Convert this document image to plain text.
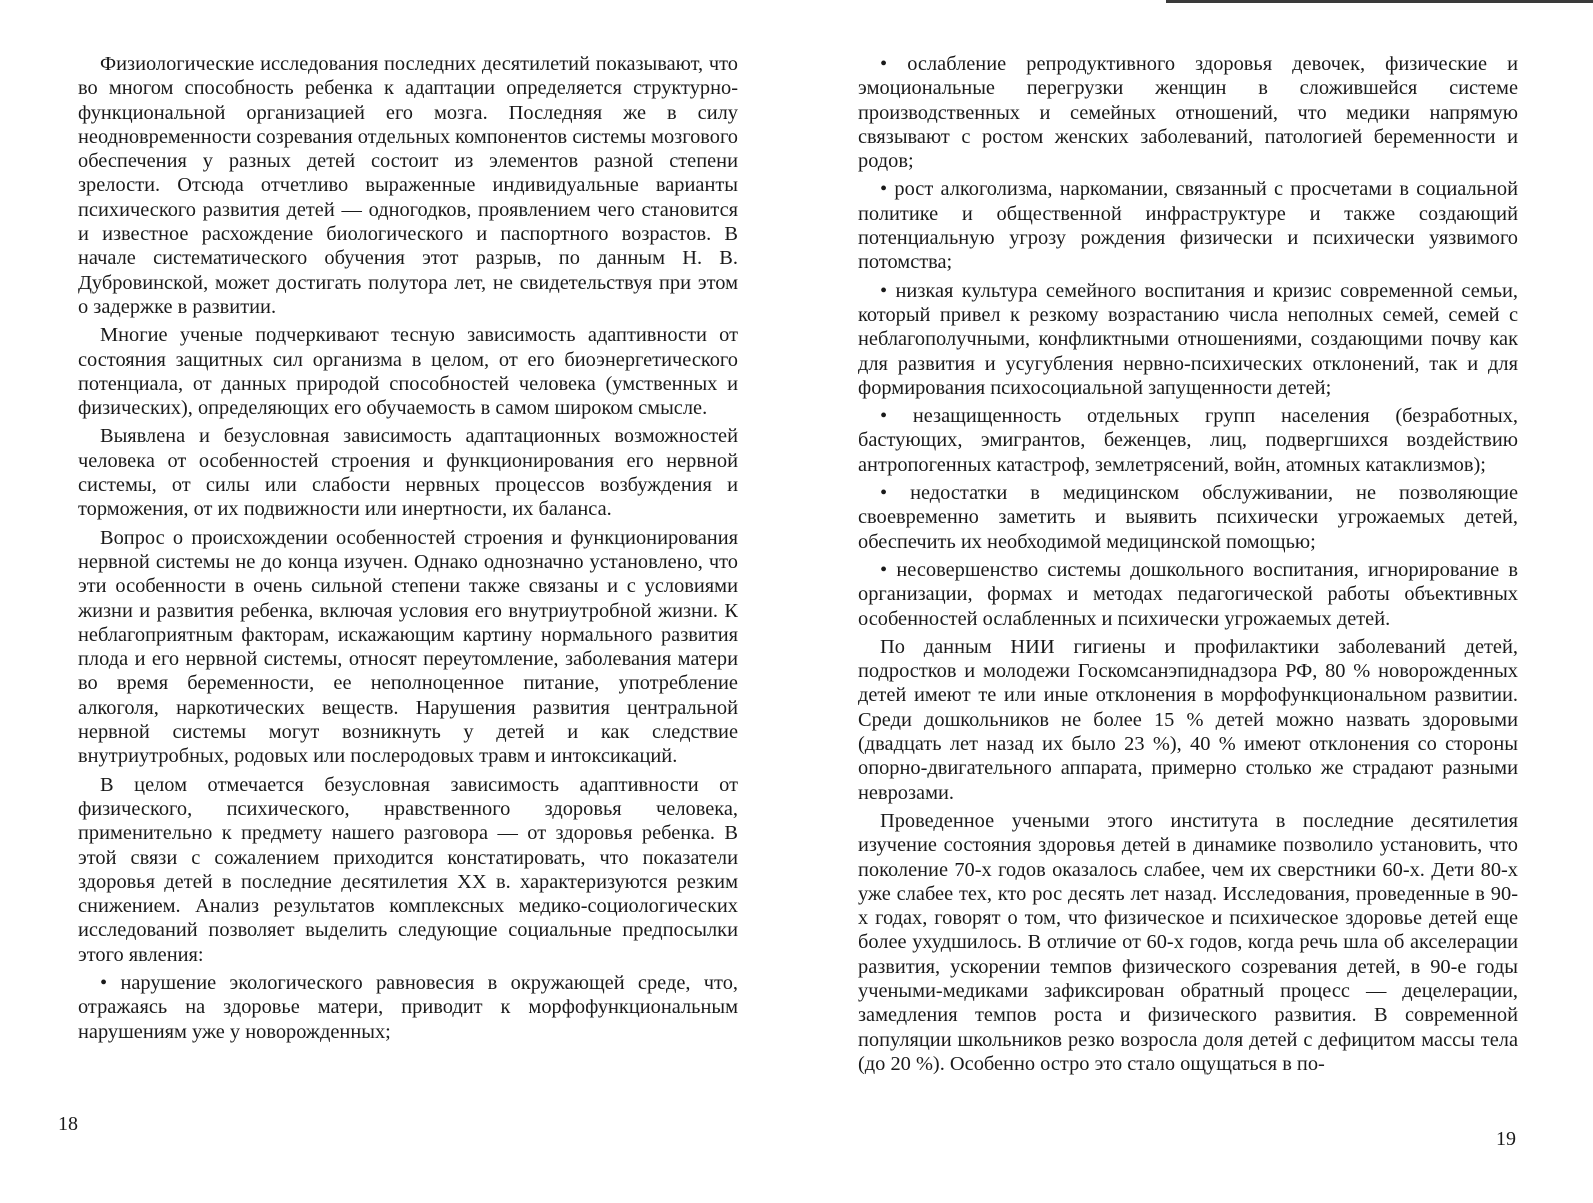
Физиологические исследования последних десятилетий показывают, что во многом способность ребенка к адаптации определяется структурно-функциональной организацией его мозга. Последняя же в силу неодновременности созревания отдельных компонентов системы мозгового обеспечения у разных детей состоит из элементов разной степени зрелости. Отсюда отчетливо выраженные индивидуальные варианты психического развития детей — одногодков, проявлением чего становится и известное расхождение биологического и паспортного возрастов. В начале систематического обучения этот разрыв, по данным Н. В. Дубровинской, может достигать полутора лет, не свидетельствуя при этом о задержке в развитии.

Многие ученые подчеркивают тесную зависимость адаптивности от состояния защитных сил организма в целом, от его биоэнергетического потенциала, от данных природой способностей человека (умственных и физических), определяющих его обучаемость в самом широком смысле.

Выявлена и безусловная зависимость адаптационных возможностей человека от особенностей строения и функционирования его нервной системы, от силы или слабости нервных процессов возбуждения и торможения, от их подвижности или инертности, их баланса.

Вопрос о происхождении особенностей строения и функционирования нервной системы не до конца изучен. Однако однозначно установлено, что эти особенности в очень сильной степени также связаны и с условиями жизни и развития ребенка, включая условия его внутриутробной жизни. К неблагоприятным факторам, искажающим картину нормального развития плода и его нервной системы, относят переутомление, заболевания матери во время беременности, ее неполноценное питание, употребление алкоголя, наркотических веществ. Нарушения развития центральной нервной системы могут возникнуть у детей и как следствие внутриутробных, родовых или послеродовых травм и интоксикаций.

В целом отмечается безусловная зависимость адаптивности от физического, психического, нравственного здоровья человека, применительно к предмету нашего разговора — от здоровья ребенка. В этой связи с сожалением приходится констатировать, что показатели здоровья детей в последние десятилетия XX в. характеризуются резким снижением. Анализ результатов комплексных медико-социологических исследований позволяет выделить следующие социальные предпосылки этого явления:

• нарушение экологического равновесия в окружающей среде, что, отражаясь на здоровье матери, приводит к морфофункциональным нарушениям уже у новорожденных;

18

• ослабление репродуктивного здоровья девочек, физические и эмоциональные перегрузки женщин в сложившейся системе производственных и семейных отношений, что медики напрямую связывают с ростом женских заболеваний, патологией беременности и родов;

• рост алкоголизма, наркомании, связанный с просчетами в социальной политике и общественной инфраструктуре и также создающий потенциальную угрозу рождения физически и психически уязвимого потомства;

• низкая культура семейного воспитания и кризис современной семьи, который привел к резкому возрастанию числа неполных семей, семей с неблагополучными, конфликтными отношениями, создающими почву как для развития и усугубления нервно-психических отклонений, так и для формирования психосоциальной запущенности детей;

• незащищенность отдельных групп населения (безработных, бастующих, эмигрантов, беженцев, лиц, подвергшихся воздействию антропогенных катастроф, землетрясений, войн, атомных катаклизмов);

• недостатки в медицинском обслуживании, не позволяющие своевременно заметить и выявить психически угрожаемых детей, обеспечить их необходимой медицинской помощью;

• несовершенство системы дошкольного воспитания, игнорирование в организации, формах и методах педагогической работы объективных особенностей ослабленных и психически угрожаемых детей.

По данным НИИ гигиены и профилактики заболеваний детей, подростков и молодежи Госкомсанэпиднадзора РФ, 80 % новорожденных детей имеют те или иные отклонения в морфофункциональном развитии. Среди дошкольников не более 15 % детей можно назвать здоровыми (двадцать лет назад их было 23 %), 40 % имеют отклонения со стороны опорно-двигательного аппарата, примерно столько же страдают разными неврозами.

Проведенное учеными этого института в последние десятилетия изучение состояния здоровья детей в динамике позволило установить, что поколение 70-х годов оказалось слабее, чем их сверстники 60-х. Дети 80-х уже слабее тех, кто рос десять лет назад. Исследования, проведенные в 90-х годах, говорят о том, что физическое и психическое здоровье детей еще более ухудшилось. В отличие от 60-х годов, когда речь шла об акселерации развития, ускорении темпов физического созревания детей, в 90-е годы учеными-медиками зафиксирован обратный процесс — децелерации, замедления темпов роста и физического развития. В современной популяции школьников резко возросла доля детей с дефицитом массы тела (до 20 %). Особенно остро это стало ощущаться в по-

19
